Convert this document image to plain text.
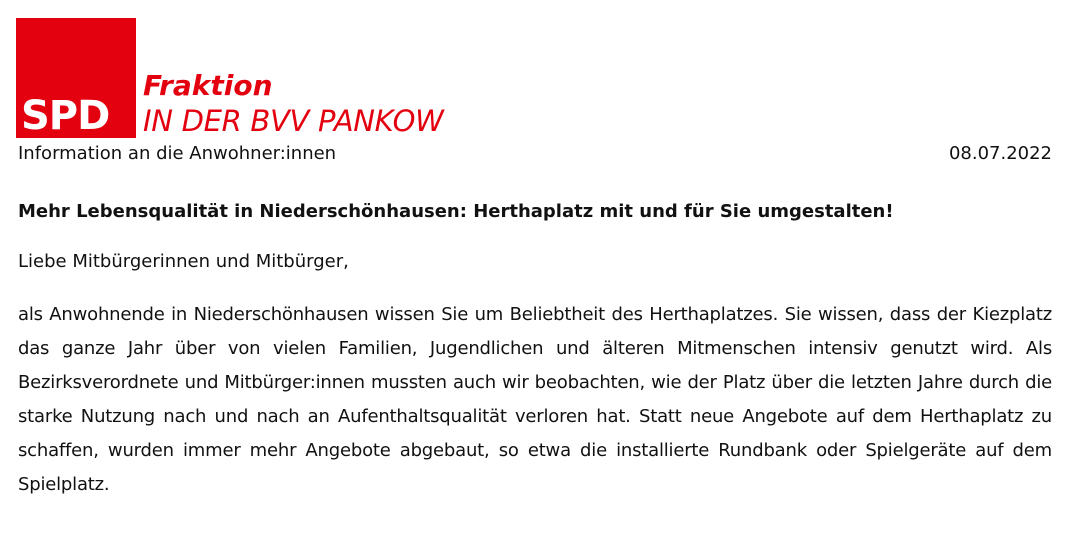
SPD
Fraktion
IN DER BVV PANKOW
Information an die Anwohner:innen	08.07.2022
Mehr Lebensqualität in Niederschönhausen: Herthaplatz mit und für Sie umgestalten!
Liebe Mitbürgerinnen und Mitbürger,
als Anwohnende in Niederschönhausen wissen Sie um Beliebtheit des Herthaplatzes. Sie wissen, dass der Kiezplatz das ganze Jahr über von vielen Familien, Jugendlichen und älteren Mitmenschen intensiv genutzt wird. Als Bezirksverordnete und Mitbürger:innen mussten auch wir beobachten, wie der Platz über die letzten Jahre durch die starke Nutzung nach und nach an Aufenthaltsqualität verloren hat. Statt neue Angebote auf dem Herthaplatz zu schaffen, wurden immer mehr Angebote abgebaut, so etwa die installierte Rundbank oder Spielgeräte auf dem Spielplatz.
